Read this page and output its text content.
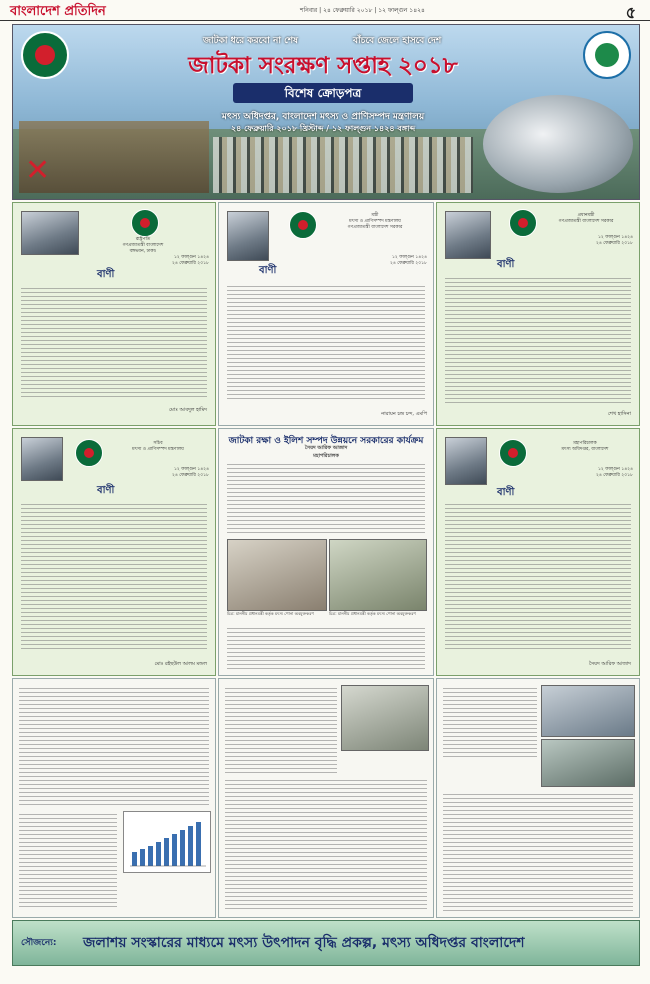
বাংলাদেশ প্রতিদিন	শনিবার | ২৪ ফেব্রুয়ারি ২০১৮ | ১২ ফাল্গুন ১৪২৪	৫
✕
জাটকা ধরে করবো না শেষ	বাঁচবে জেলে হাসবে দেশ
জাটকা সংরক্ষণ সপ্তাহ ২০১৮
বিশেষ ক্রোড়পত্র
মৎস্য অধিদপ্তর, বাংলাদেশ মৎস্য ও প্রাণিসম্পদ মন্ত্রণালয়
২৪ ফেব্রুয়ারি ২০১৮ খ্রিস্টাব্দ / ১২ ফাল্গুন ১৪২৪ বঙ্গাব্দ
রাষ্ট্রপতি
গণপ্রজাতন্ত্রী বাংলাদেশ
বঙ্গভবন, ঢাকা।
১২ ফাল্গুন ১৪২৪
২৪ ফেব্রুয়ারি ২০১৮
বাণী
মোঃ আবদুল হামিদ
মন্ত্রী
মৎস্য ও প্রাণিসম্পদ মন্ত্রণালয়
গণপ্রজাতন্ত্রী বাংলাদেশ সরকার
১২ ফাল্গুন ১৪২৪
২৪ ফেব্রুয়ারি ২০১৮
বাণী
নারায়ন চন্দ্র চন্দ, এমপি
প্রধানমন্ত্রী
গণপ্রজাতন্ত্রী বাংলাদেশ সরকার
১২ ফাল্গুন ১৪২৪
২৪ ফেব্রুয়ারি ২০১৮
বাণী
শেখ হাসিনা
সচিব
মৎস্য ও প্রাণিসম্পদ মন্ত্রণালয়
১২ ফাল্গুন ১৪২৪
২৪ ফেব্রুয়ারি ২০১৮
বাণী
মোঃ রইছউল আলম মন্ডল
জাটকা রক্ষা ও ইলিশ সম্পদ উন্নয়নে সরকারের কার্যক্রম
সৈয়দ আরিফ আজাদ
মহাপরিচালক
চিত্র: মাননীয় প্রধানমন্ত্রী কর্তৃক মৎস্য পোনা অবমুক্তকরণ	চিত্র: মাননীয় প্রধানমন্ত্রী কর্তৃক মৎস্য পোনা অবমুক্তকরণ
মহাপরিচালক
মৎস্য অধিদপ্তর, বাংলাদেশ
১২ ফাল্গুন ১৪২৪
২৪ ফেব্রুয়ারি ২০১৮
বাণী
সৈয়দ আরিফ আজাদ
সৌজন্যে: জলাশয় সংস্কারের মাধ্যমে মৎস্য উৎপাদন বৃদ্ধি প্রকল্প, মৎস্য অধিদপ্তর বাংলাদেশ
